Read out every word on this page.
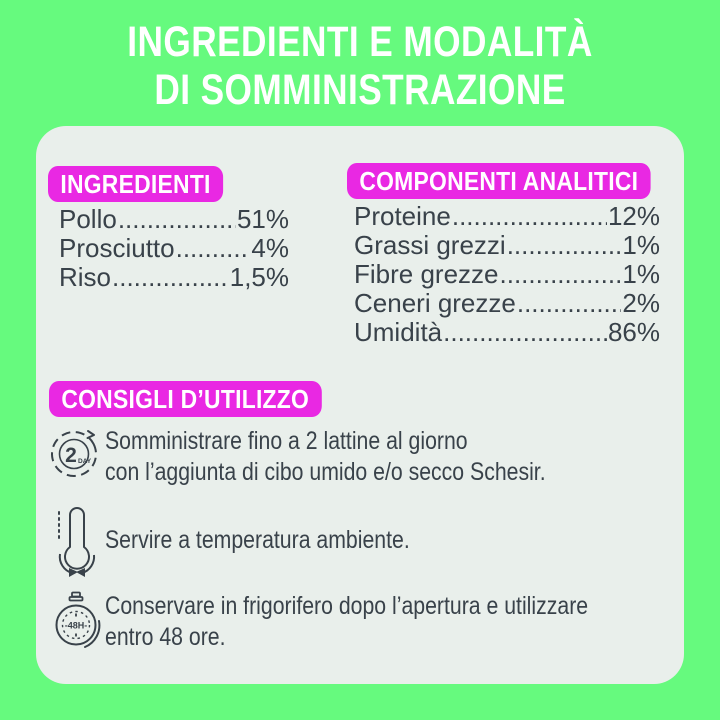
INGREDIENTI E MODALITÀ
DI SOMMINISTRAZIONE
INGREDIENTI
Pollo .....	51%
Prosciutto .....	4%
Riso .....	1,5%
COMPONENTI ANALITICI
Proteine .....	12%
Grassi grezzi .....	1%
Fibre grezze .....	1%
Ceneri grezze .....	2%
Umidità .....	86%
CONSIGLI D’UTILIZZO
2 DAY
Somministrare fino a 2 lattine al giorno
con l’aggiunta di cibo umido e/o secco Schesir.
Servire a temperatura ambiente.
-48H-
Conservare in frigorifero dopo l’apertura e utilizzare
entro 48 ore.
